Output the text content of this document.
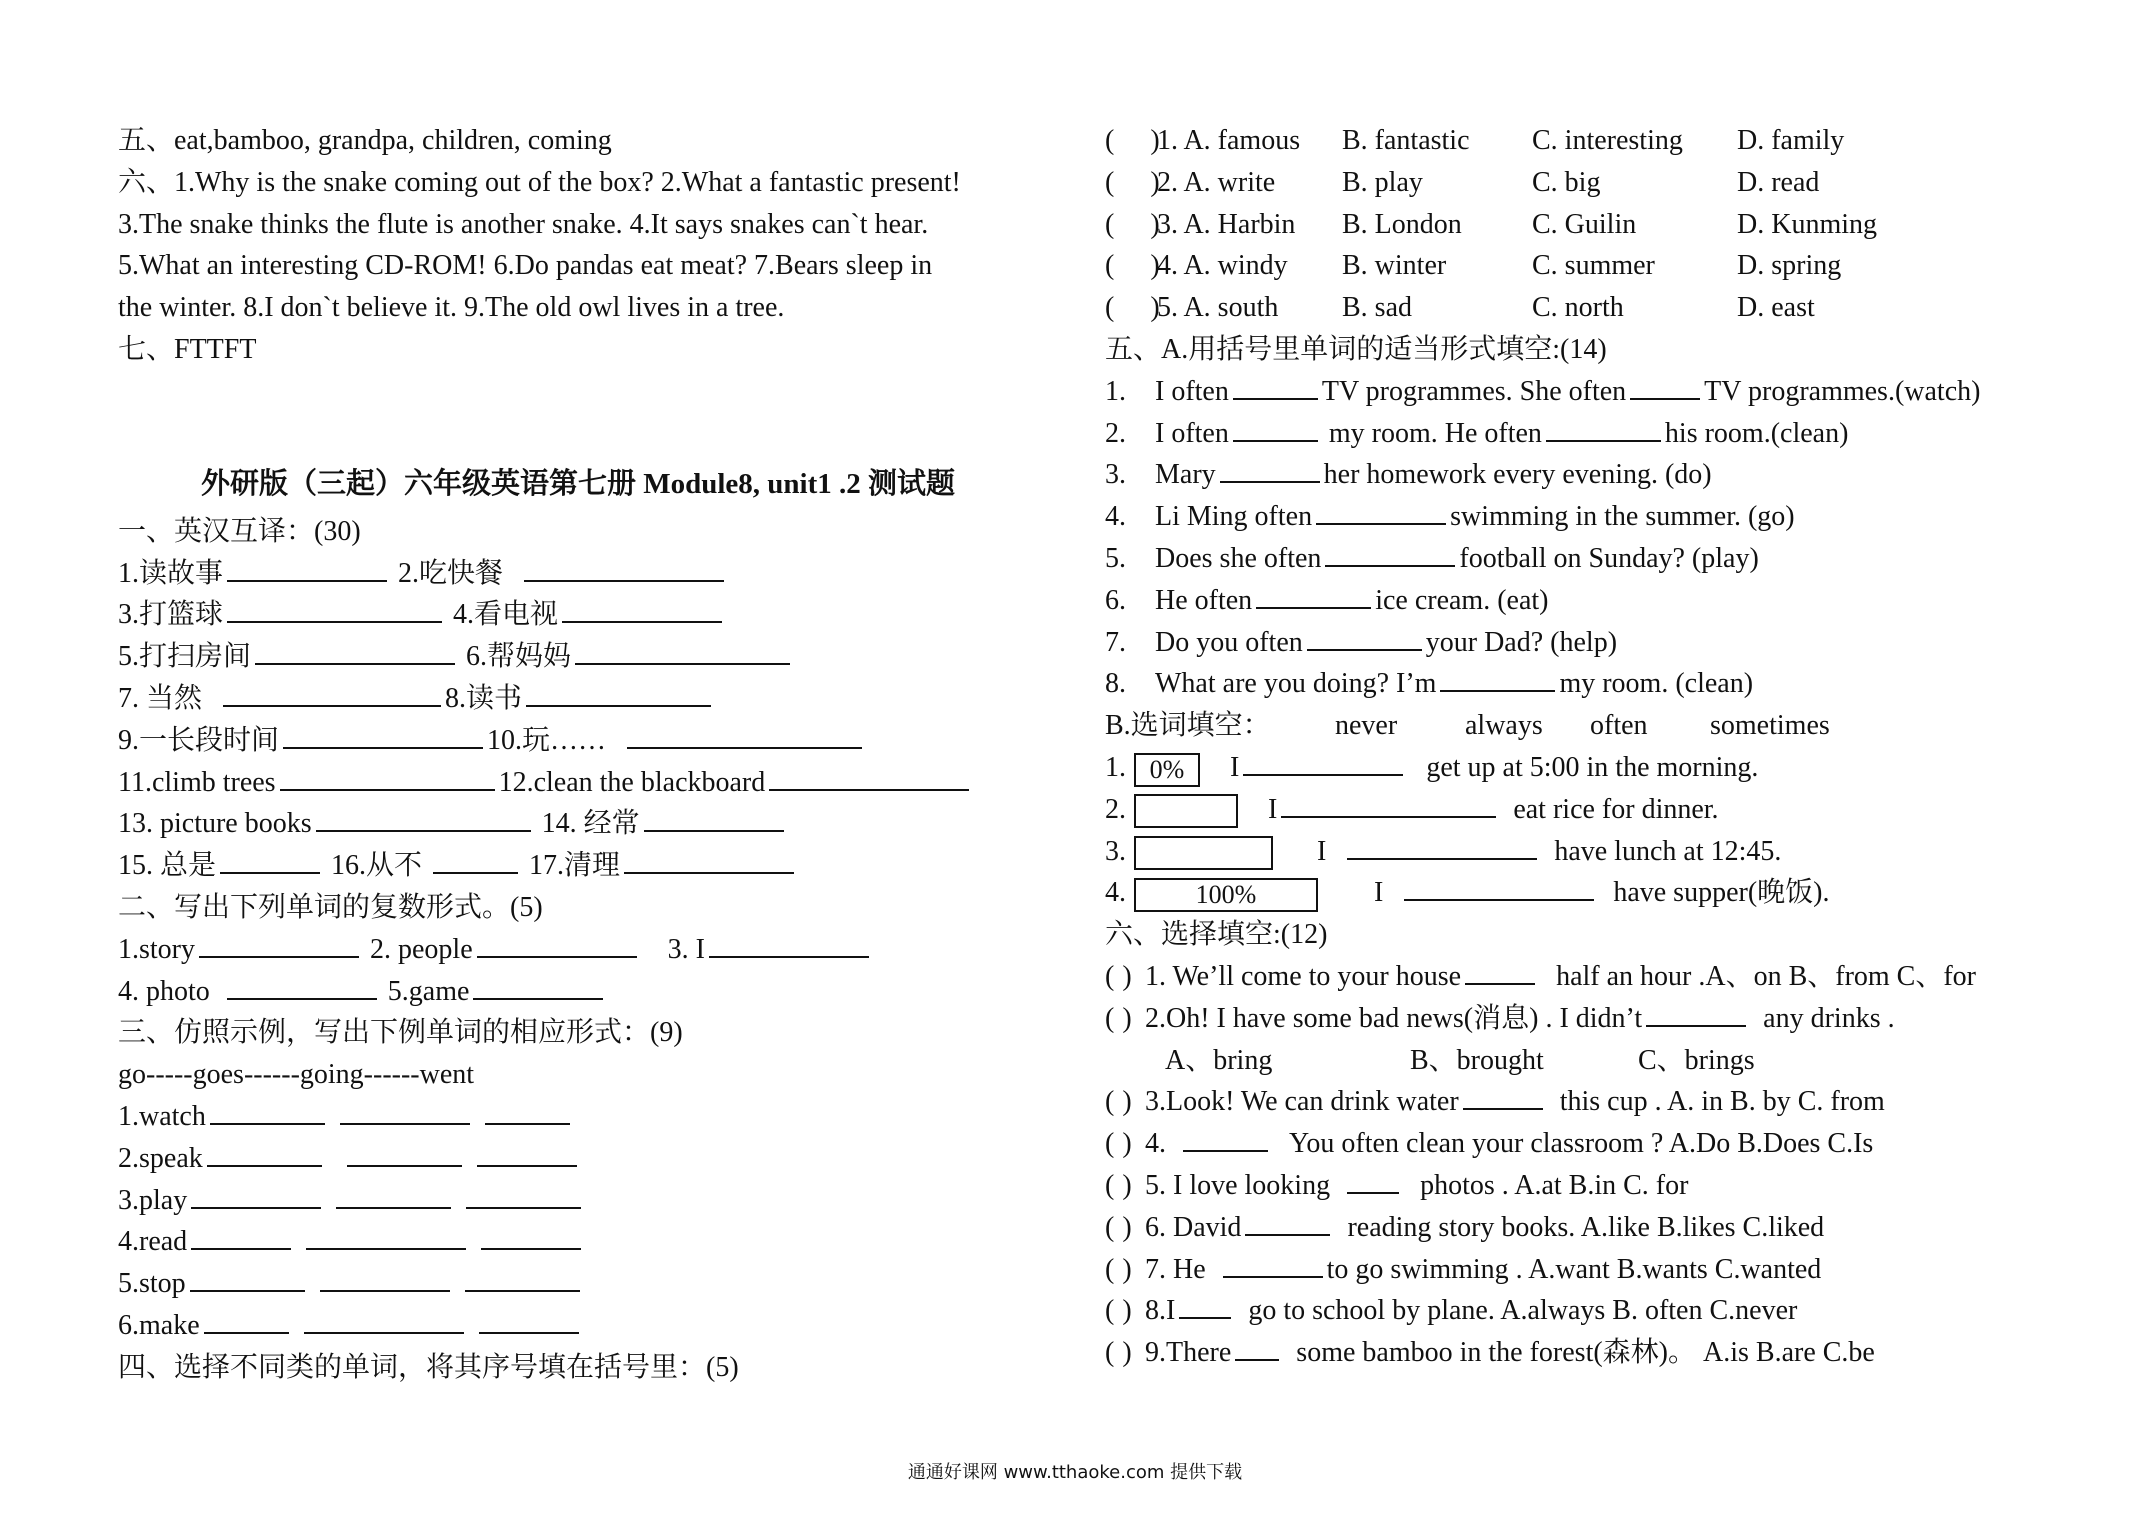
五、eat,bamboo, grandpa, children, coming
六、1.Why is the snake coming out of the box? 2.What a fantastic present!
3.The snake thinks the flute is another snake. 4.It says snakes can`t hear.
5.What an interesting CD-ROM! 6.Do pandas eat meat? 7.Bears sleep in
the winter. 8.I don`t believe it. 9.The old owl lives in a tree.
七、FTTFT
外研版（三起）六年级英语第七册 Module8, unit1 .2 测试题
一、英汉互译：(30)
1.读故事	2.吃快餐
3.打篮球	4.看电视
5.打扫房间	6.帮妈妈
7. 当然	8.读书
9.一长段时间	10.玩……
11.climb trees	12.clean the blackboard
13. picture books	14. 经常
15. 总是	16.从不	17.清理
二、写出下列单词的复数形式。(5)
1.story	2. people	3. I
4. photo	5.game
三、仿照示例，写出下例单词的相应形式：(9)
go-----goes------going------went
1.watch
2.speak
3.play
4.read
5.stop
6.make
四、选择不同类的单词，将其序号填在括号里：(5)
( )1. A. famous B. fantastic C. interesting D. family
( )2. A. write B. play	C. big	D. read
( )3. A. Harbin B. London	C. Guilin	D. Kunming
( )4. A. windy B. winter	C. summer	D. spring
( )5. A. south B. sad	C. north	D. east
五、A.用括号里单词的适当形式填空:(14)
1. I often	TV programmes. She often	TV programmes.(watch)
2. I often	my room. He often	his room.(clean)
3. Mary	her homework every evening. (do)
4. Li Ming often	swimming in the summer. (go)
5. Does she often	football on Sunday? (play)
6. He often	ice cream. (eat)
7. Do you often	your Dad? (help)
8. What are you doing? I’m	my room. (clean)
B.选词填空： never always often sometimes
1. 0% I	get up at 5:00 in the morning.
2.	I	eat rice for dinner.
3.	I	have lunch at 12:45.
4.	100%	I	have supper(晚饭).
六、选择填空:(12)
( ) 1. We’ll come to your house	half an hour .A、on B、from C、for
( ) 2.Oh! I have some bad news(消息) . I didn’t	any drinks .
A、bring	B、brought	C、brings
( ) 3.Look! We can drink water	this cup . A. in B. by C. from
( ) 4.	You often clean your classroom ? A.Do B.Does C.Is
( ) 5. I love looking	photos . A.at B.in C. for
( ) 6. David	reading story books. A.like B.likes C.liked
( ) 7. He	to go swimming . A.want B.wants C.wanted
( ) 8.I	go to school by plane. A.always B. often C.never
( ) 9.There some bamboo in the forest(森林)。 A.is B.are C.be
通通好课网 www.tthaoke.com 提供下载
